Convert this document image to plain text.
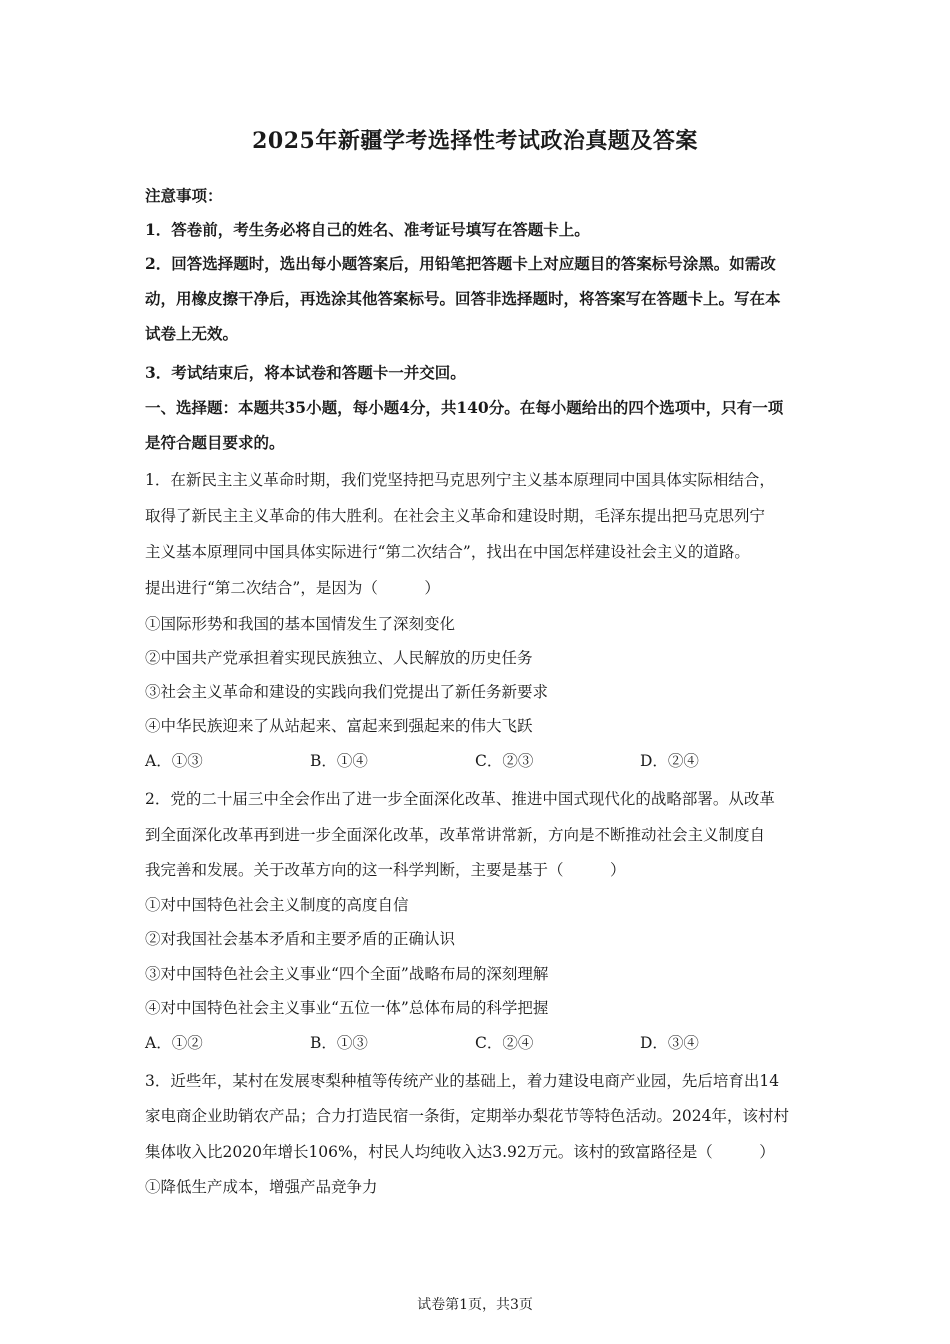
2025年新疆学考选择性考试政治真题及答案
注意事项：
1．答卷前，考生务必将自己的姓名、准考证号填写在答题卡上。
2．回答选择题时，选出每小题答案后，用铅笔把答题卡上对应题目的答案标号涂黑。如需改
动，用橡皮擦干净后，再选涂其他答案标号。回答非选择题时，将答案写在答题卡上。写在本
试卷上无效。
3．考试结束后，将本试卷和答题卡一并交回。
一、选择题：本题共35小题，每小题4分，共140分。在每小题给出的四个选项中，只有一项
是符合题目要求的。
1．在新民主主义革命时期，我们党坚持把马克思列宁主义基本原理同中国具体实际相结合，
取得了新民主主义革命的伟大胜利。在社会主义革命和建设时期，毛泽东提出把马克思列宁
主义基本原理同中国具体实际进行“第二次结合”，找出在中国怎样建设社会主义的道路。
提出进行“第二次结合”，是因为（　　　）
①国际形势和我国的基本国情发生了深刻变化
②中国共产党承担着实现民族独立、人民解放的历史任务
③社会主义革命和建设的实践向我们党提出了新任务新要求
④中华民族迎来了从站起来、富起来到强起来的伟大飞跃
A．①③	B．①④	C．②③	D．②④
2．党的二十届三中全会作出了进一步全面深化改革、推进中国式现代化的战略部署。从改革
到全面深化改革再到进一步全面深化改革，改革常讲常新，方向是不断推动社会主义制度自
我完善和发展。关于改革方向的这一科学判断，主要是基于（　　　）
①对中国特色社会主义制度的高度自信
②对我国社会基本矛盾和主要矛盾的正确认识
③对中国特色社会主义事业“四个全面”战略布局的深刻理解
④对中国特色社会主义事业“五位一体”总体布局的科学把握
A．①②	B．①③	C．②④	D．③④
3．近些年，某村在发展枣梨种植等传统产业的基础上，着力建设电商产业园，先后培育出14
家电商企业助销农产品；合力打造民宿一条街，定期举办梨花节等特色活动。2024年，该村村
集体收入比2020年增长106%，村民人均纯收入达3.92万元。该村的致富路径是（　　　）
①降低生产成本，增强产品竞争力
试卷第1页，共3页
